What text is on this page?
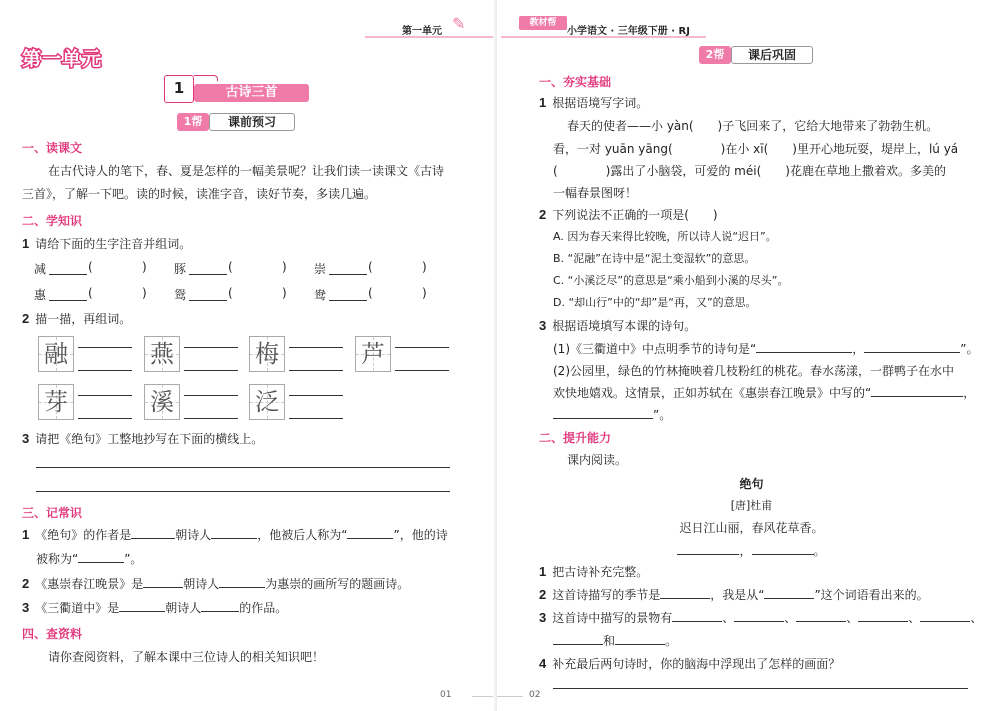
第一单元 ✎
第一单元
1	古诗三首
1帮	课前预习
一、读课文
在古代诗人的笔下，春、夏是怎样的一幅美景呢？让我们读一读课文《古诗
三首》，了解一下吧。读的时候，读准字音，读好节奏，多读几遍。
二、学知识
1 请给下面的生字注音并组词。
减	(	) 豚	(	) 崇	(	)
惠	(	) 鸳	(	) 鸯	(	)
2 描一描，再组词。
融	燕	梅	芦
芽	溪	泛
3 请把《绝句》工整地抄写在下面的横线上。
三、记常识
1 《绝句》的作者是	朝诗人	，他被后人称为“	”，他的诗
被称为“	”。
2 《惠崇春江晚景》是	朝诗人	为惠崇的画所写的题画诗。
3 《三衢道中》是	朝诗人	的作品。
四、查资料
请你查阅资料，了解本课中三位诗人的相关知识吧！
01
教材帮
小学语文 · 三年级下册 · RJ
2帮	课后巩固
一、夯实基础
1 根据语境写字词。
春天的使者——小 yàn(　　)子飞回来了，它给大地带来了勃勃生机。
看，一对 yuān yāng(　　　　)在小 xī(　　)里开心地玩耍，堤岸上，lú yá
(　　　　)露出了小脑袋，可爱的 méi(　　)花鹿在草地上撒着欢。多美的
一幅春景图呀！
2 下列说法不正确的一项是(　　)
A. 因为春天来得比较晚，所以诗人说“迟日”。
B. “泥融”在诗中是“泥土变湿软”的意思。
C. “小溪泛尽”的意思是“乘小船到小溪的尽头”。
D. “却山行”中的“却”是“再，又”的意思。
3 根据语境填写本课的诗句。
(1)《三衢道中》中点明季节的诗句是“	，	”。
(2)公园里，绿色的竹林掩映着几枝粉红的桃花。春水荡漾，一群鸭子在水中
欢快地嬉戏。这情景，正如苏轼在《惠崇春江晚景》中写的“	，
”。
二、提升能力
课内阅读。
绝句
[唐]杜甫
迟日江山丽，春风花草香。
，	。
1 把古诗补充完整。
2 这首诗描写的季节是	，我是从“	”这个词语看出来的。
3 这首诗中描写的景物有	、	、	、	、	、
和	。
4 补充最后两句诗时，你的脑海中浮现出了怎样的画面？
02
